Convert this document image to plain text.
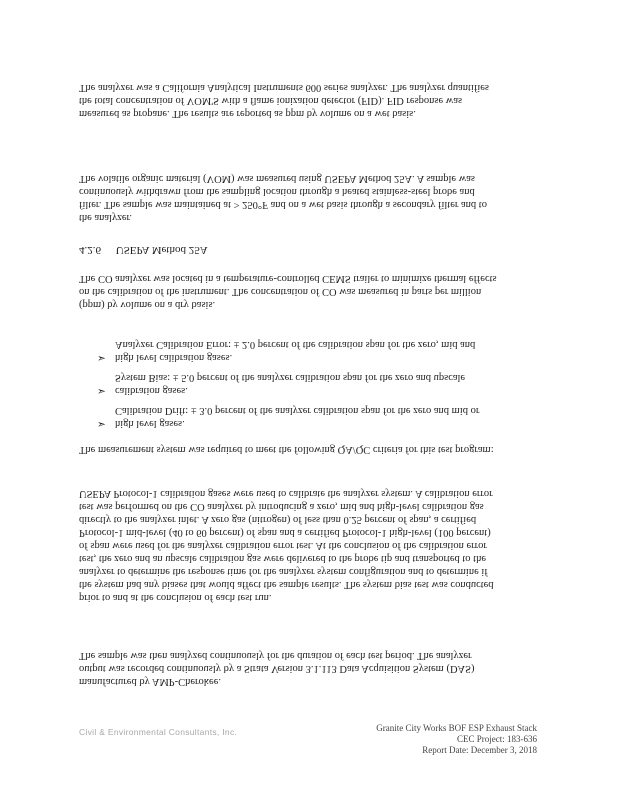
measured as propane. The results are reported as ppm by volume on a wet basis.

the total concentration of VOM'S with a flame ionization detector (FID). FID response was

The analyzer was a California Analytical Instruments 600 series analyzer. The analyzer quantifies

the analyzer.

filter. The sample was maintained at > 250°F and on a wet basis through a secondary filter and to

continuously withdrawn from the sampling location through a heated stainless-steel probe and

The volatile organic material (VOM) was measured using USEPA Method 25A. A sample was

4.2.6 USEPA Method 25A

(ppm) by volume on a dry basis.

on the calibration of the instrument. The concentration of CO was measured in parts per million

The CO analyzer was located in a temperature-controlled CEMS trailer to minimize thermal effects

➢ high level gases.
Calibration Drift: ± 3.0 percent of the analyzer calibration span for the zero and mid or
➢ calibration gases.
System Bias: ± 5.0 percent of the analyzer calibration span for the zero and upscale
➢ high level calibration gases.
Analyzer Calibration Error: ± 2.0 percent of the calibration span for the zero, mid and

The measurement system was required to meet the following QA/QC criteria for this test program:

prior to and at the conclusion of each test run.

the system had any biases that would affect the sample results. The system bias test was conducted

analyzer to determine the response time for the analyzer system configuration and to determine if

test, the zero and an upscale calibration gas were delivered to the probe tip and transported to the

of span were used for the analyzer calibration error test. At the conclusion of the calibration error

Protocol-1 mid-level (40 to 60 percent) of span and a certified Protocol-1 high-level (100 percent)

directly to the analyzer inlet. A zero gas (nitrogen) of less than 0.25 percent of span, a certified

test was performed on the CO analyzer by introducing a zero, mid and high-level calibration gas

USEPA Protocol-1 calibration gases were used to calibrate the analyzer system. A calibration error

manufactured by AMP-Cherokee.

output was recorded continuously by a Strata Version 3.1.113 Data Acquisition System (DAS)

The sample was then analyzed continuously for the duration of each test period. The analyzer

Civil & Environmental Consultants, Inc.	Granite City Works BOF ESP Exhaust Stack
CEC Project: 183-636
Report Date: December 3, 2018
